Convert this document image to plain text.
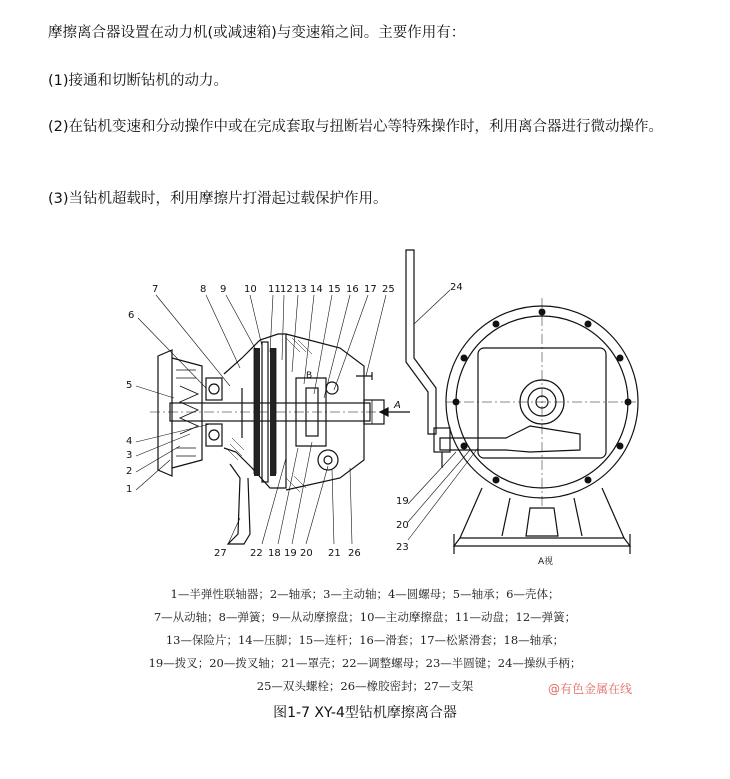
摩擦离合器设置在动力机(或减速箱)与变速箱之间。主要作用有：
(1)接通和切断钻机的动力。
(2)在钻机变速和分动操作中或在完成套取与扭断岩心等特殊操作时，利用离合器进行微动操作。
(3)当钻机超载时，利用摩擦片打滑起过载保护作用。
7	8 9 10 11 12 13 14 15 16 17 25
6
5
4
3
2
1
27 22 18 19 20 21 26
24
19
20
23
A
B
A视
1—半弹性联轴器；2—轴承；3—主动轴；4—圆螺母；5—轴承；6—壳体；
7—从动轴；8—弹簧；9—从动摩擦盘；10—主动摩擦盘；11—动盘；12—弹簧；
13—保险片；14—压脚；15—连杆；16—滑套；17—松紧滑套；18—轴承；
19—拨叉；20—拨叉轴；21—罩壳；22—调整螺母；23—半圆键；24—操纵手柄；
25—双头螺栓；26—橡胶密封；27—支架	@有色金属在线
图1-7 XY-4型钻机摩擦离合器
